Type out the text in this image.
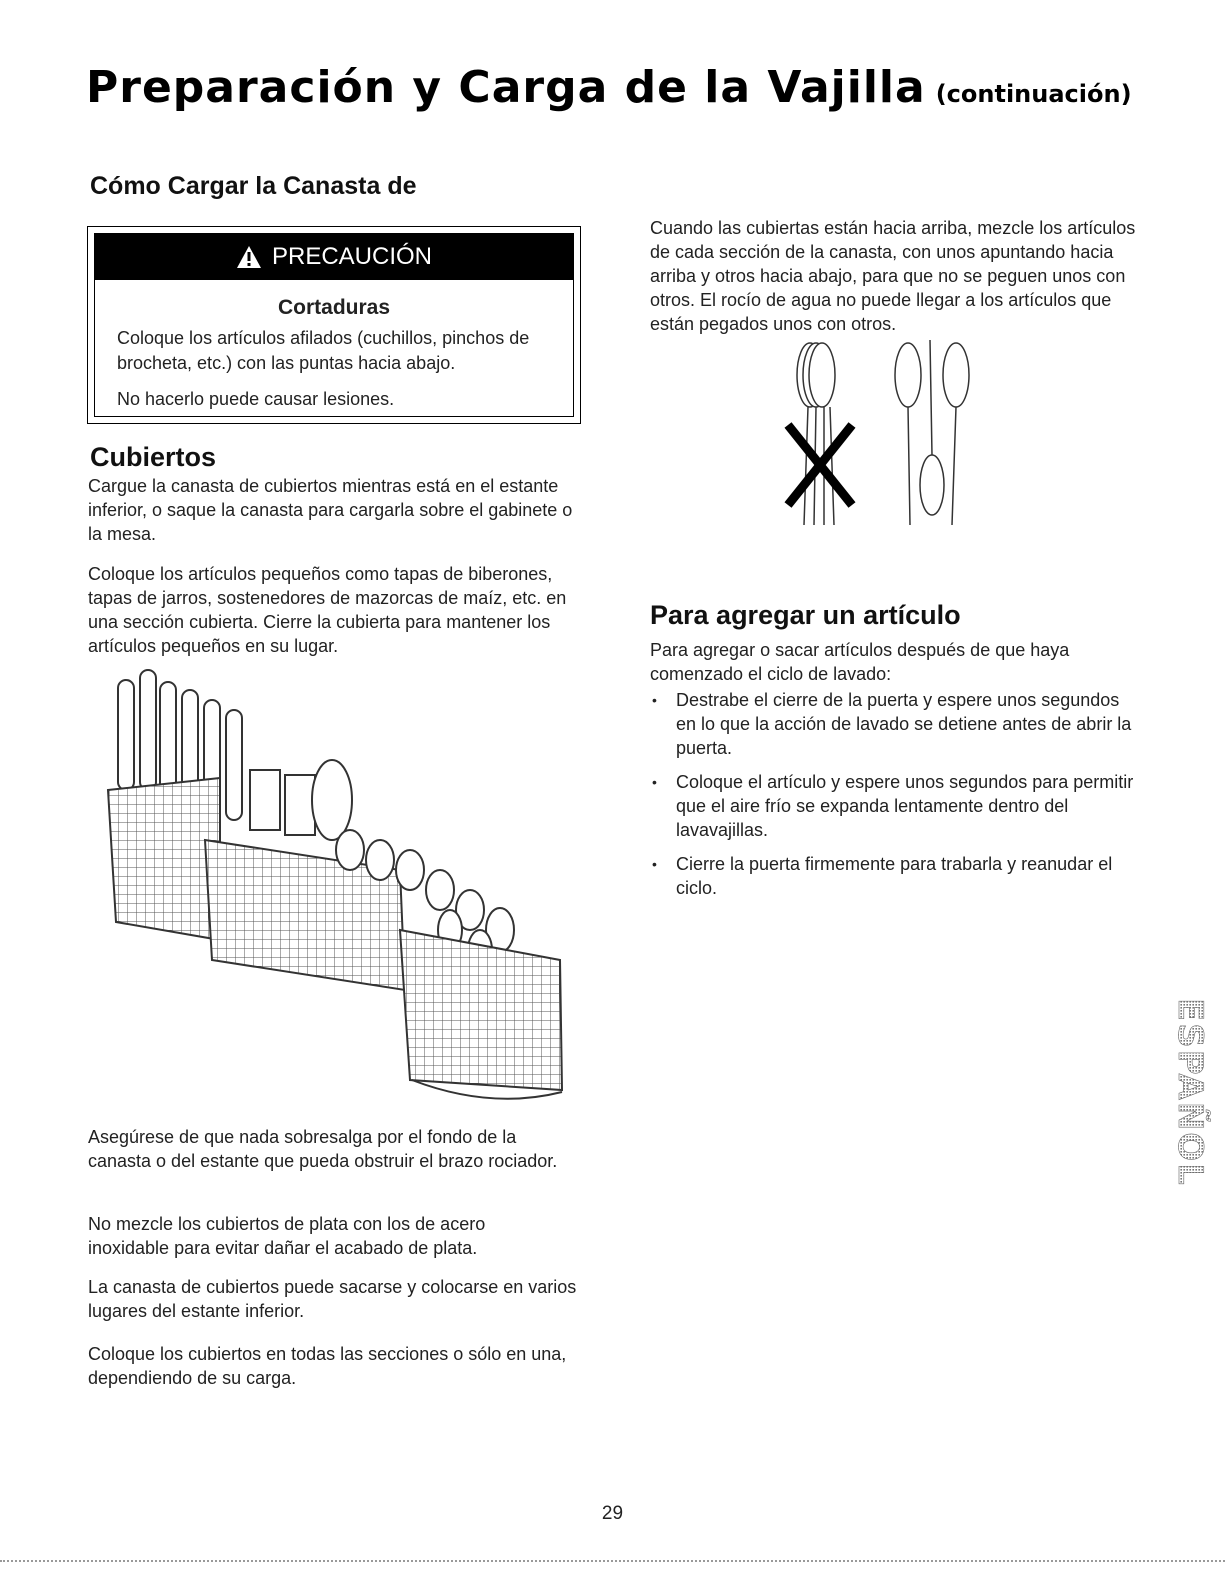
Preparación y Carga de la Vajilla (continuación)
Cómo Cargar la Canasta de
PRECAUCIÓN
Cortaduras
Coloque los artículos afilados (cuchillos, pinchos de brocheta, etc.) con las puntas hacia abajo.
No hacerlo puede causar lesiones.
Cubiertos
Cargue la canasta de cubiertos mientras está en el estante inferior, o saque la canasta para cargarla sobre el gabinete o la mesa.
Coloque los artículos pequeños como tapas de biberones, tapas de jarros, sostenedores de mazorcas de maíz, etc. en una sección cubierta. Cierre la cubierta para mantener los artículos pequeños en su lugar.
Asegúrese de que nada sobresalga por el fondo de la canasta o del estante que pueda obstruir el brazo rociador.
No mezcle los cubiertos de plata con los de acero inoxidable para evitar dañar el acabado de plata.
La canasta de cubiertos puede sacarse y colocarse en varios lugares del estante inferior.
Coloque los cubiertos en todas las secciones o sólo en una, dependiendo de su carga.
Cuando las cubiertas están hacia arriba, mezcle los artículos de cada sección de la canasta, con unos apuntando hacia arriba y otros hacia abajo, para que no se peguen unos con otros. El rocío de agua no puede llegar a los artículos que están pegados unos con otros.
Para agregar un artículo
Para agregar o sacar artículos después de que haya comenzado el ciclo de lavado:
• Destrabe el cierre de la puerta y espere unos segundos en lo que la acción de lavado se detiene antes de abrir la puerta.
• Coloque el artículo y espere unos segundos para permitir que el aire frío se expanda lentamente dentro del lavavajillas.
• Cierre la puerta firmemente para trabarla y reanudar el ciclo.
ESPAÑOL
29
